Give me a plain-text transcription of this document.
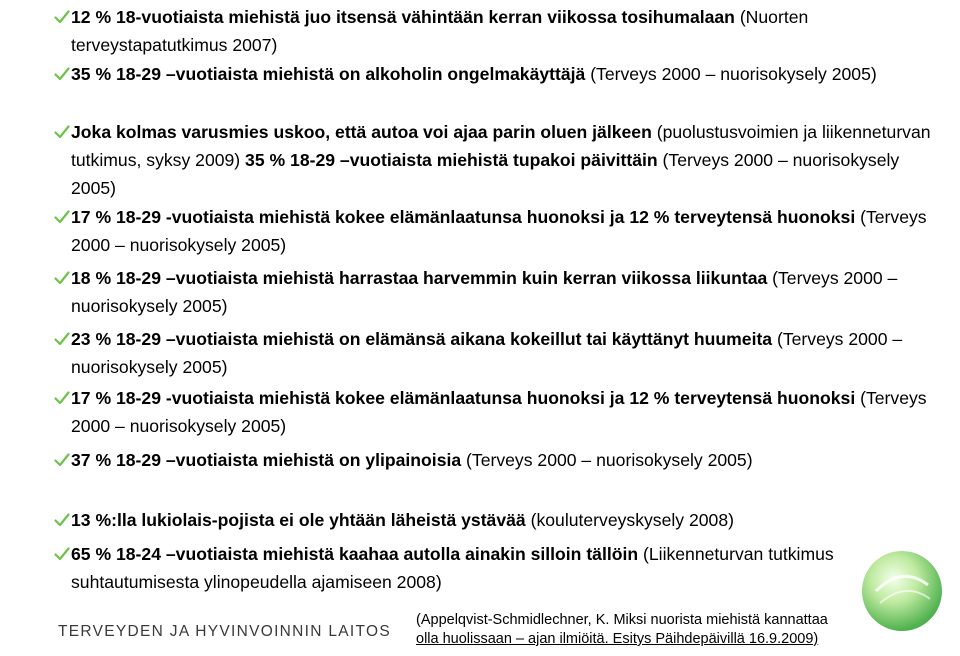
12 % 18-vuotiaista miehistä juo itsensä vähintään kerran viikossa tosihumalaan (Nuorten terveystapatutkimus 2007)
35 % 18-29 –vuotiaista miehistä on alkoholin ongelmakäyttäjä (Terveys 2000 – nuorisokysely 2005)
Joka kolmas varusmies uskoo, että autoa voi ajaa parin oluen jälkeen (puolustusvoimien ja liikenneturvan tutkimus, syksy 2009) 35 % 18-29 –vuotiaista miehistä tupakoi päivittäin (Terveys 2000 – nuorisokysely 2005)
17 % 18-29 -vuotiaista miehistä kokee elämänlaatunsa huonoksi ja 12 % terveytensä huonoksi (Terveys 2000 – nuorisokysely 2005)
18 % 18-29 –vuotiaista miehistä harrastaa harvemmin kuin kerran viikossa liikuntaa (Terveys 2000 – nuorisokysely 2005)
23 % 18-29 –vuotiaista miehistä on elämänsä aikana kokeillut tai käyttänyt huumeita (Terveys 2000 – nuorisokysely 2005)
17 % 18-29 -vuotiaista miehistä kokee elämänlaatunsa huonoksi ja 12 % terveytensä huonoksi (Terveys 2000 – nuorisokysely 2005)
37 % 18-29 –vuotiaista miehistä on ylipainoisia (Terveys 2000 – nuorisokysely 2005)
13 %:lla lukiolais-pojista ei ole yhtään läheistä ystävää (kouluterveyskysely 2008)
65 % 18-24 –vuotiaista miehistä kaahaa autolla ainakin silloin tällöin (Liikenneturvan tutkimus suhtautumisesta ylinopeudella ajamiseen 2008)
TERVEYDEN JA HYVINVOINNIN LAITOS
(Appelqvist-Schmidlechner, K. Miksi nuorista miehistä kannattaa
olla huolissaan – ajan ilmiöitä. Esitys Päihdepäivillä 16.9.2009)
